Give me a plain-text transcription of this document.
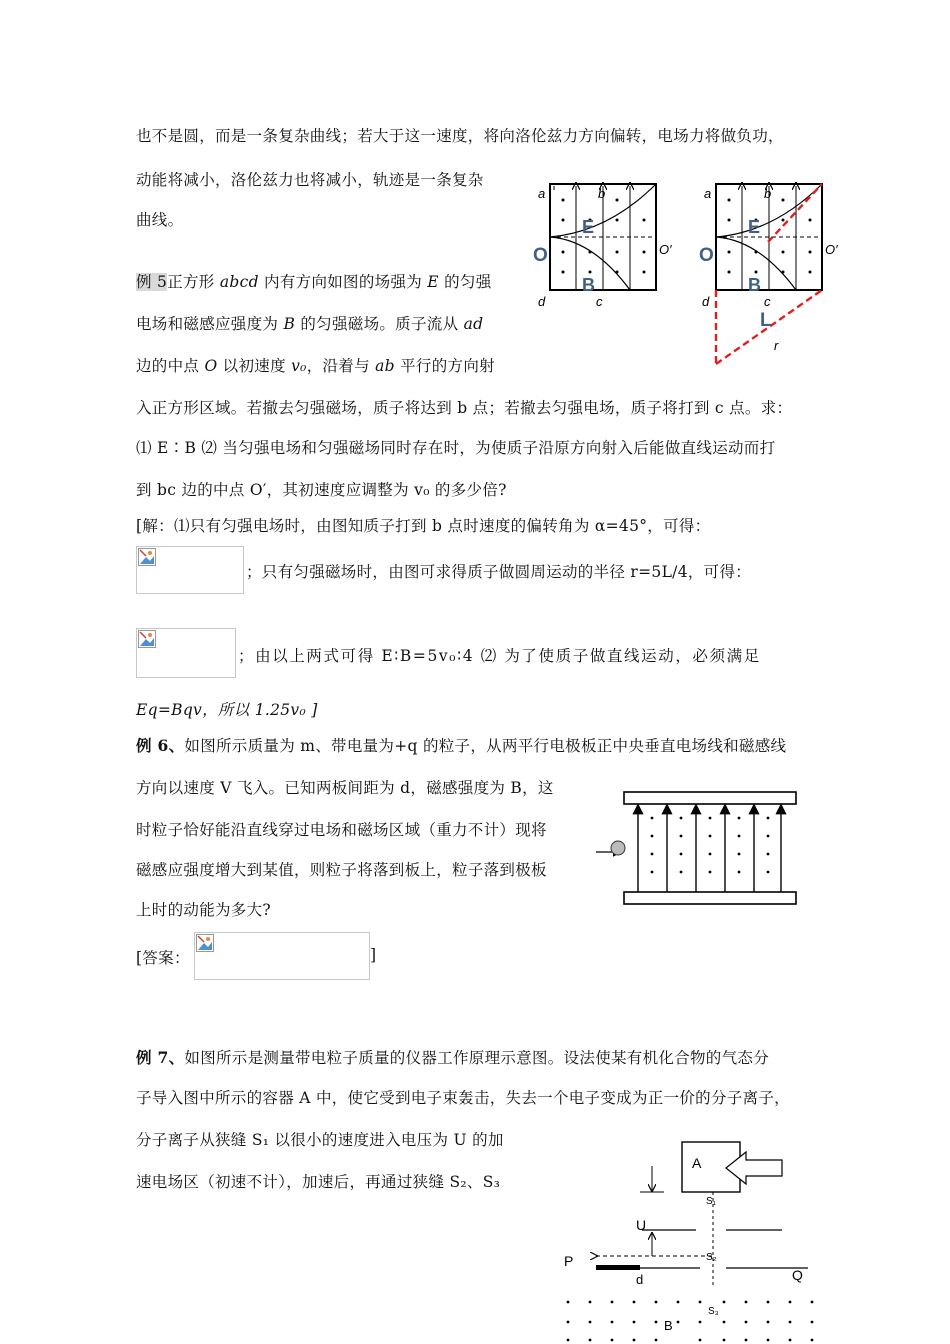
也不是圆，而是一条复杂曲线；若大于这一速度，将向洛伦兹力方向偏转，电场力将做负功，
动能将减小，洛伦兹力也将减小，轨迹是一条复杂
曲线。
例 5正方形 abcd 内有方向如图的场强为 E 的匀强
电场和磁感应强度为 B 的匀强磁场。质子流从 ad
边的中点 O 以初速度 v₀，沿着与 ab 平行的方向射
入正方形区域。若撤去匀强磁场，质子将达到 b 点；若撤去匀强电场，质子将打到 c 点。求：
⑴ E∶B ⑵ 当匀强电场和匀强磁场同时存在时，为使质子沿原方向射入后能做直线运动而打
到 bc 边的中点 O′，其初速度应调整为 v₀ 的多少倍?
[解：⑴只有匀强电场时，由图知质子打到 b 点时速度的偏转角为 α=45°，可得：
；只有匀强磁场时，由图可求得质子做圆周运动的半径 r=5L/4，可得：
；由以上两式可得 E∶B=5v₀∶4 ⑵ 为了使质子做直线运动，必须满足
Eq=Bqv，所以 1.25v₀ ]
例 6、如图所示质量为 m、带电量为+q 的粒子，从两平行电极板正中央垂直电场线和磁感线
方向以速度 V 飞入。已知两板间距为 d，磁感强度为 B，这
时粒子恰好能沿直线穿过电场和磁场区域（重力不计）现将
磁感应强度增大到某值，则粒子将落到板上，粒子落到极板
上时的动能为多大?
[答案：	]
例 7、如图所示是测量带电粒子质量的仪器工作原理示意图。设法使某有机化合物的气态分
子导入图中所示的容器 A 中，使它受到电子束轰击，失去一个电子变成为正一价的分子离子，
分子离子从狭缝 S₁ 以很小的速度进入电压为 U 的加
速电场区（初速不计），加速后，再通过狭缝 S₂、S₃
a	b
d	c
O	O′
E
B
a	b
d	c
O	O′
E
B
L
r
A
S₁
U
S₂
P
Q
d
S₃
B
